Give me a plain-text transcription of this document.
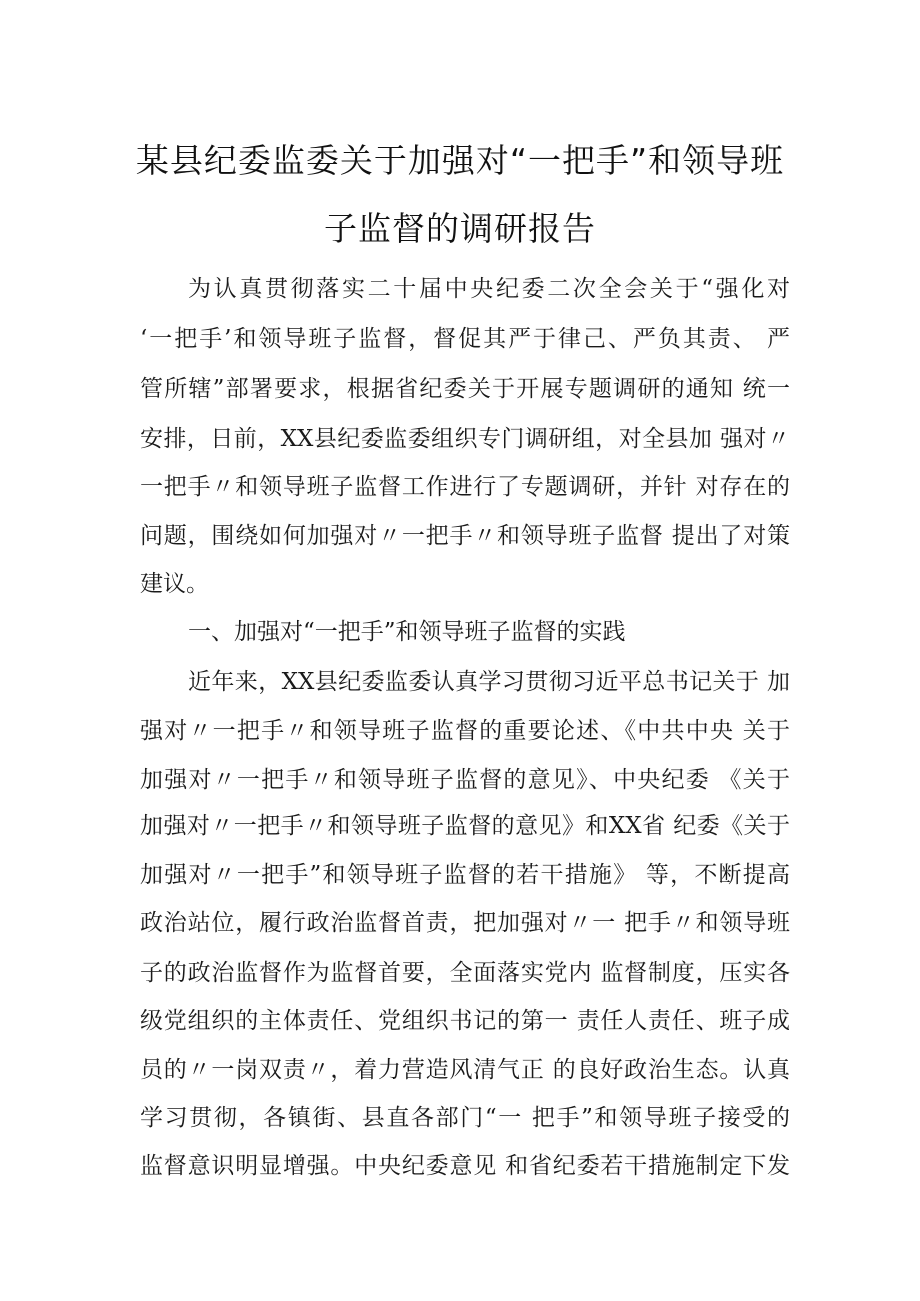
某县纪委监委关于加强对“一把手”和领导班
子监督的调研报告
为认真贯彻落实二十届中央纪委二次全会关于“强化对
‘一把手’和领导班子监督，督促其严于律己、严负其责、 严
管所辖”部署要求，根据省纪委关于开展专题调研的通知 统一
安排，日前，XX县纪委监委组织专门调研组，对全县加 强对〃
一把手〃和领导班子监督工作进行了专题调研，并针 对存在的
问题，围绕如何加强对〃一把手〃和领导班子监督 提出了对策
建议。
一、加强对“一把手”和领导班子监督的实践
近年来，XX县纪委监委认真学习贯彻习近平总书记关于 加
强对〃一把手〃和领导班子监督的重要论述、《中共中央 关于
加强对〃一把手〃和领导班子监督的意见》、中央纪委 《关于
加强对〃一把手〃和领导班子监督的意见》和XX省 纪委《关于
加强对〃一把手”和领导班子监督的若干措施》 等，不断提高
政治站位，履行政治监督首责，把加强对〃一 把手〃和领导班
子的政治监督作为监督首要，全面落实党内 监督制度，压实各
级党组织的主体责任、党组织书记的第一 责任人责任、班子成
员的〃一岗双责〃，着力营造风清气正 的良好政治生态。认真
学习贯彻，各镇街、县直各部门“一 把手”和领导班子接受的
监督意识明显增强。中央纪委意见 和省纪委若干措施制定下发
